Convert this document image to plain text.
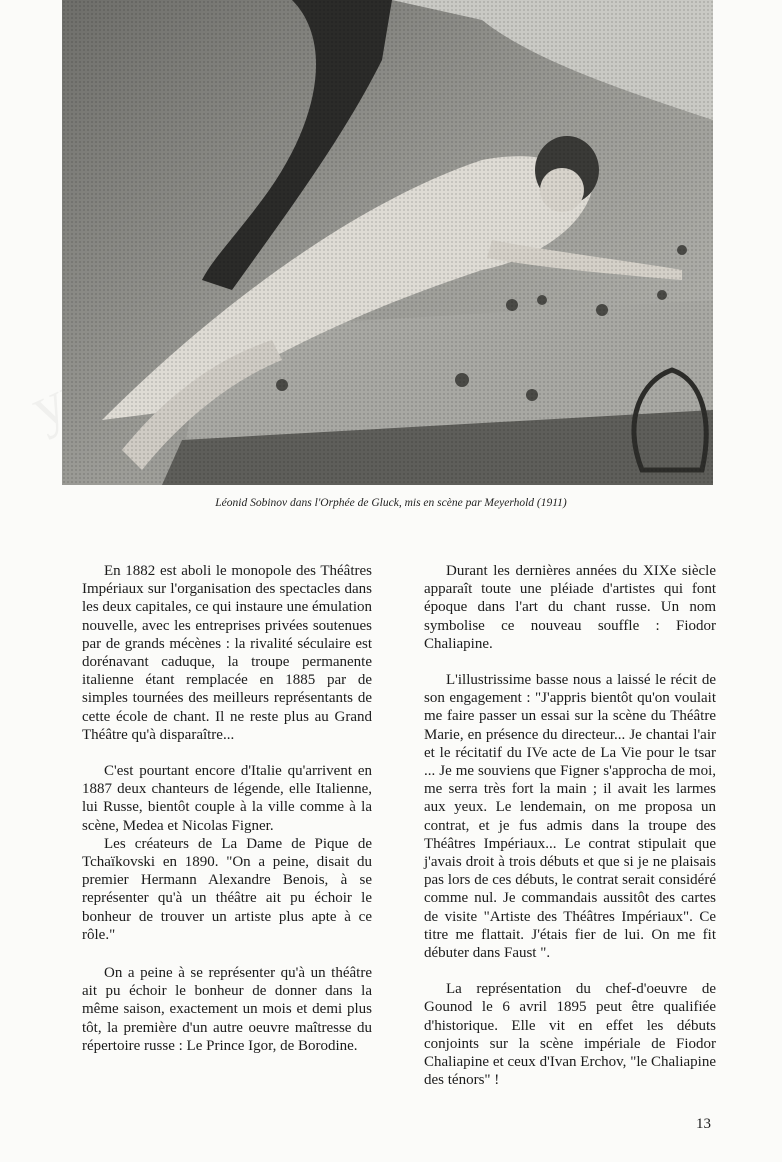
Léonid Sobinov dans l'Orphée de Gluck, mis en scène par Meyerhold (1911)

En 1882 est aboli le monopole des Théâtres Impériaux sur l'organisation des spectacles dans les deux capitales, ce qui instaure une émulation nouvelle, avec les entreprises privées soutenues par de grands mécènes : la rivalité séculaire est dorénavant caduque, la troupe permanente italienne étant remplacée en 1885 par de simples tournées des meilleurs représentants de cette école de chant. Il ne reste plus au Grand Théâtre qu'à disparaître...

C'est pourtant encore d'Italie qu'arrivent en 1887 deux chanteurs de légende, elle Italienne, lui Russe, bientôt couple à la ville comme à la scène, Medea et Nicolas Figner.

Les créateurs de La Dame de Pique de Tchaïkovski en 1890. "On a peine, disait du premier Hermann Alexandre Benois, à se représenter qu'à un théâtre ait pu échoir le bonheur de trouver un artiste plus apte à ce rôle."

On a peine à se représenter qu'à un théâtre ait pu échoir le bonheur de donner dans la même saison, exactement un mois et demi plus tôt, la première d'un autre oeuvre maîtresse du répertoire russe : Le Prince Igor, de Borodine.

Durant les dernières années du XIXe siècle apparaît toute une pléiade d'artistes qui font époque dans l'art du chant russe. Un nom symbolise ce nouveau souffle : Fiodor Chaliapine.

L'illustrissime basse nous a laissé le récit de son engagement : "J'appris bientôt qu'on voulait me faire passer un essai sur la scène du Théâtre Marie, en présence du directeur... Je chantai l'air et le récitatif du IVe acte de La Vie pour le tsar ... Je me souviens que Figner s'approcha de moi, me serra très fort la main ; il avait les larmes aux yeux. Le lendemain, on me proposa un contrat, et je fus admis dans la troupe des Théâtres Impériaux... Le contrat stipulait que j'avais droit à trois débuts et que si je ne plaisais pas lors de ces débuts, le contrat serait considéré comme nul. Je commandais aussitôt des cartes de visite "Artiste des Théâtres Impériaux". Ce titre me flattait. J'étais fier de lui. On me fit débuter dans Faust ".

La représentation du chef-d'oeuvre de Gounod le 6 avril 1895 peut être qualifiée d'historique. Elle vit en effet les débuts conjoints sur la scène impériale de Fiodor Chaliapine et ceux d'Ivan Erchov, "le Chaliapine des ténors" !

13
